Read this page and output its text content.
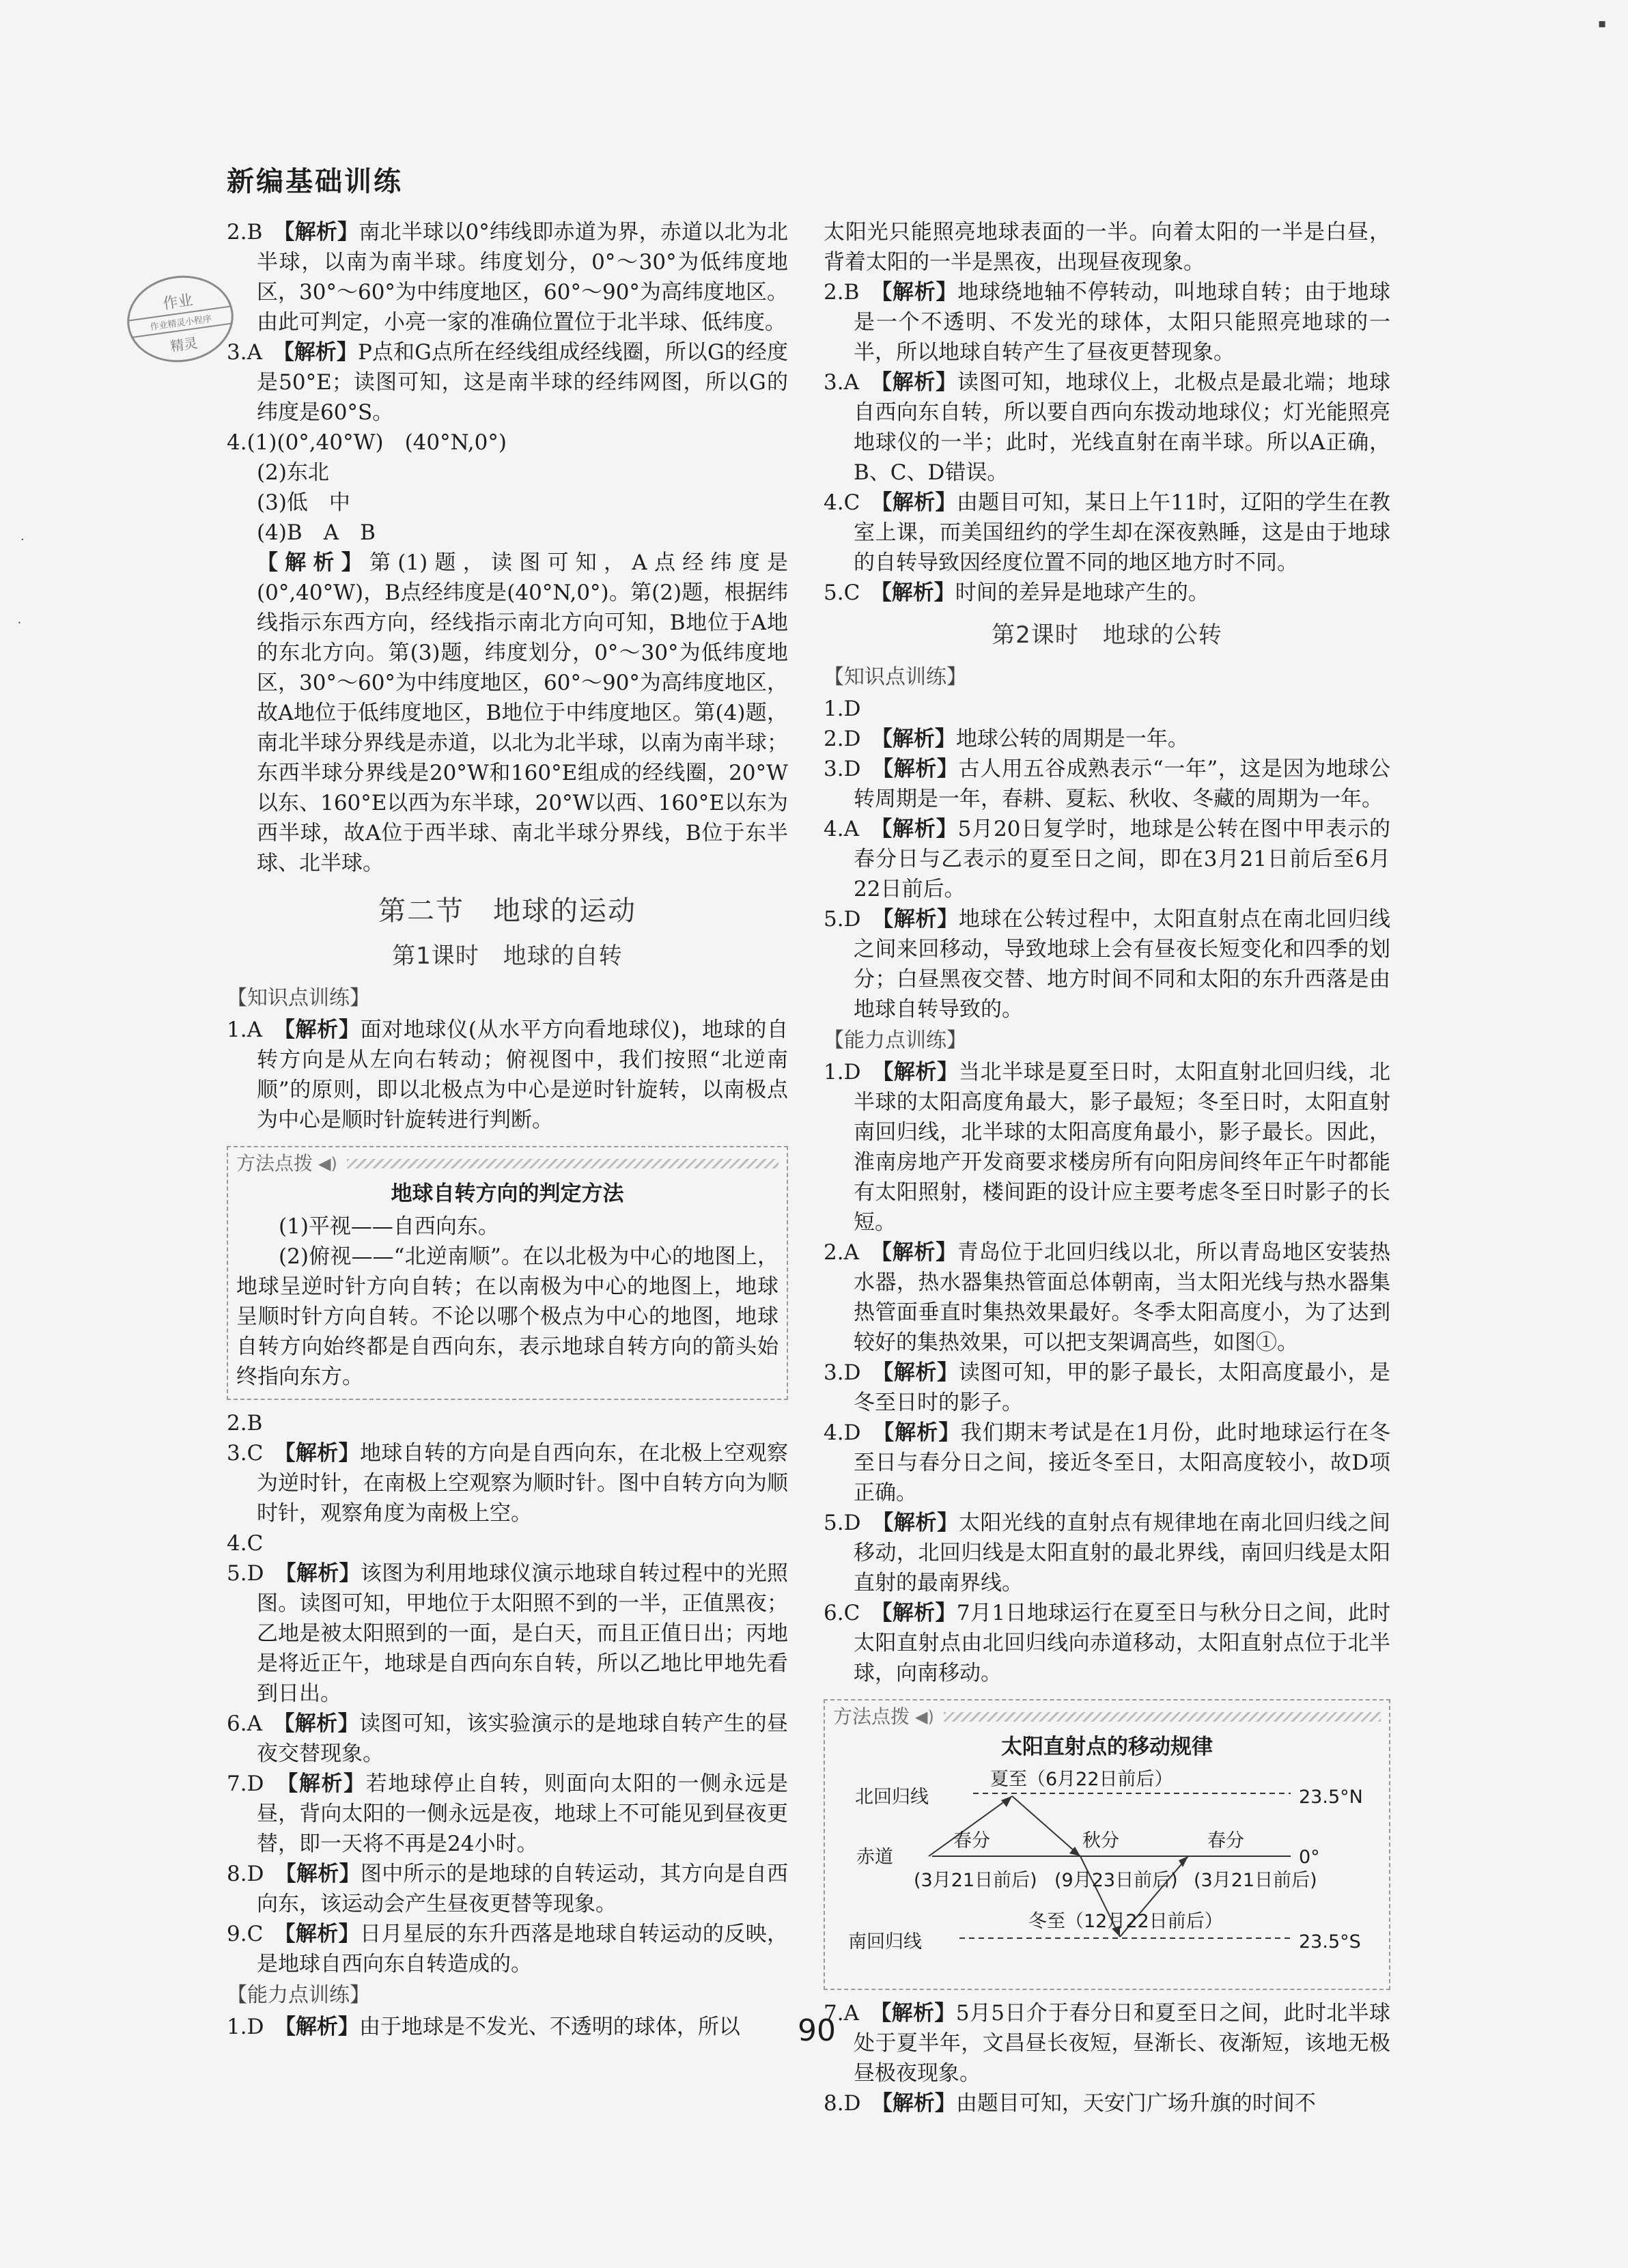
新编基础训练
作业
作业精灵小程序
精灵
·
⸱
▪

2.B　 【解析】南北半球以0°纬线即赤道为界，赤道以北为北半球，以南为南半球。纬度划分，0°～30°为低纬度地区，30°～60°为中纬度地区，60°～90°为高纬度地区。由此可判定，小亮一家的准确位置位于北半球、低纬度。

3.A　 【解析】P点和G点所在经线组成经线圈，所以G的经度是50°E；读图可知，这是南半球的经纬网图，所以G的纬度是60°S。

4.(1)(0°,40°W)　(40°N,0°)

(2)东北

(3)低　中

(4)B　A　B

【解析】第(1)题，读图可知，A点经纬度是(0°,40°W)，B点经纬度是(40°N,0°)。第(2)题，根据纬线指示东西方向，经线指示南北方向可知，B地位于A地的东北方向。第(3)题，纬度划分，0°～30°为低纬度地区，30°～60°为中纬度地区，60°～90°为高纬度地区，故A地位于低纬度地区，B地位于中纬度地区。第(4)题，南北半球分界线是赤道，以北为北半球，以南为南半球；东西半球分界线是20°W和160°E组成的经线圈，20°W以东、160°E以西为东半球，20°W以西、160°E以东为西半球，故A位于西半球、南北半球分界线，B位于东半球、北半球。

第二节　地球的运动
第1课时　地球的自转
【知识点训练】

1.A　 【解析】面对地球仪(从水平方向看地球仪)，地球的自转方向是从左向右转动；俯视图中，我们按照“北逆南顺”的原则，即以北极点为中心是逆时针旋转，以南极点为中心是顺时针旋转进行判断。

方法点拨 ◀)
地球自转方向的判定方法

(1)平视——自西向东。

(2)俯视——“北逆南顺”。在以北极为中心的地图上，地球呈逆时针方向自转；在以南极为中心的地图上，地球呈顺时针方向自转。不论以哪个极点为中心的地图，地球自转方向始终都是自西向东，表示地球自转方向的箭头始终指向东方。

2.B

3.C　 【解析】地球自转的方向是自西向东，在北极上空观察为逆时针，在南极上空观察为顺时针。图中自转方向为顺时针，观察角度为南极上空。

4.C

5.D　 【解析】该图为利用地球仪演示地球自转过程中的光照图。读图可知，甲地位于太阳照不到的一半，正值黑夜；乙地是被太阳照到的一面，是白天，而且正值日出；丙地是将近正午，地球是自西向东自转，所以乙地比甲地先看到日出。

6.A　 【解析】读图可知，该实验演示的是地球自转产生的昼夜交替现象。

7.D　 【解析】若地球停止自转，则面向太阳的一侧永远是昼，背向太阳的一侧永远是夜，地球上不可能见到昼夜更替，即一天将不再是24小时。

8.D　 【解析】图中所示的是地球的自转运动，其方向是自西向东，该运动会产生昼夜更替等现象。

9.C　 【解析】日月星辰的东升西落是地球自转运动的反映，是地球自西向东自转造成的。

【能力点训练】

1.D　 【解析】由于地球是不发光、不透明的球体，所以

太阳光只能照亮地球表面的一半。向着太阳的一半是白昼，背着太阳的一半是黑夜，出现昼夜现象。

2.B　 【解析】地球绕地轴不停转动，叫地球自转；由于地球是一个不透明、不发光的球体，太阳只能照亮地球的一半，所以地球自转产生了昼夜更替现象。

3.A　 【解析】读图可知，地球仪上，北极点是最北端；地球自西向东自转，所以要自西向东拨动地球仪；灯光能照亮地球仪的一半；此时，光线直射在南半球。所以A正确，B、C、D错误。

4.C　 【解析】由题目可知，某日上午11时，辽阳的学生在教室上课，而美国纽约的学生却在深夜熟睡，这是由于地球的自转导致因经度位置不同的地区地方时不同。

5.C　 【解析】时间的差异是地球产生的。

第2课时　地球的公转
【知识点训练】

1.D

2.D　 【解析】地球公转的周期是一年。

3.D　 【解析】古人用五谷成熟表示“一年”，这是因为地球公转周期是一年，春耕、夏耘、秋收、冬藏的周期为一年。

4.A　 【解析】5月20日复学时，地球是公转在图中甲表示的春分日与乙表示的夏至日之间，即在3月21日前后至6月22日前后。

5.D　 【解析】地球在公转过程中，太阳直射点在南北回归线之间来回移动，导致地球上会有昼夜长短变化和四季的划分；白昼黑夜交替、地方时间不同和太阳的东升西落是由地球自转导致的。

【能力点训练】

1.D　 【解析】当北半球是夏至日时，太阳直射北回归线，北半球的太阳高度角最大，影子最短；冬至日时，太阳直射南回归线，北半球的太阳高度角最小，影子最长。因此，淮南房地产开发商要求楼房所有向阳房间终年正午时都能有太阳照射，楼间距的设计应主要考虑冬至日时影子的长短。

2.A　 【解析】青岛位于北回归线以北，所以青岛地区安装热水器，热水器集热管面总体朝南，当太阳光线与热水器集热管面垂直时集热效果最好。冬季太阳高度小，为了达到较好的集热效果，可以把支架调高些，如图①。

3.D　 【解析】读图可知，甲的影子最长，太阳高度最小，是冬至日时的影子。

4.D　 【解析】我们期末考试是在1月份，此时地球运行在冬至日与春分日之间，接近冬至日，太阳高度较小，故D项正确。

5.D　 【解析】太阳光线的直射点有规律地在南北回归线之间移动，北回归线是太阳直射的最北界线，南回归线是太阳直射的最南界线。

6.C　 【解析】7月1日地球运行在夏至日与秋分日之间，此时太阳直射点由北回归线向赤道移动，太阳直射点位于北半球，向南移动。

方法点拨 ◀)
太阳直射点的移动规律
夏至（6月22日前后）
北回归线	23.5°N
春分	秋分	春分
赤道	0°
(3月21日前后) (9月23日前后) (3月21日前后)
冬至（12月22日前后）
南回归线	23.5°S

7.A　 【解析】5月5日介于春分日和夏至日之间，此时北半球处于夏半年，文昌昼长夜短，昼渐长、夜渐短，该地无极昼极夜现象。

8.D　 【解析】由题目可知，天安门广场升旗的时间不

90
